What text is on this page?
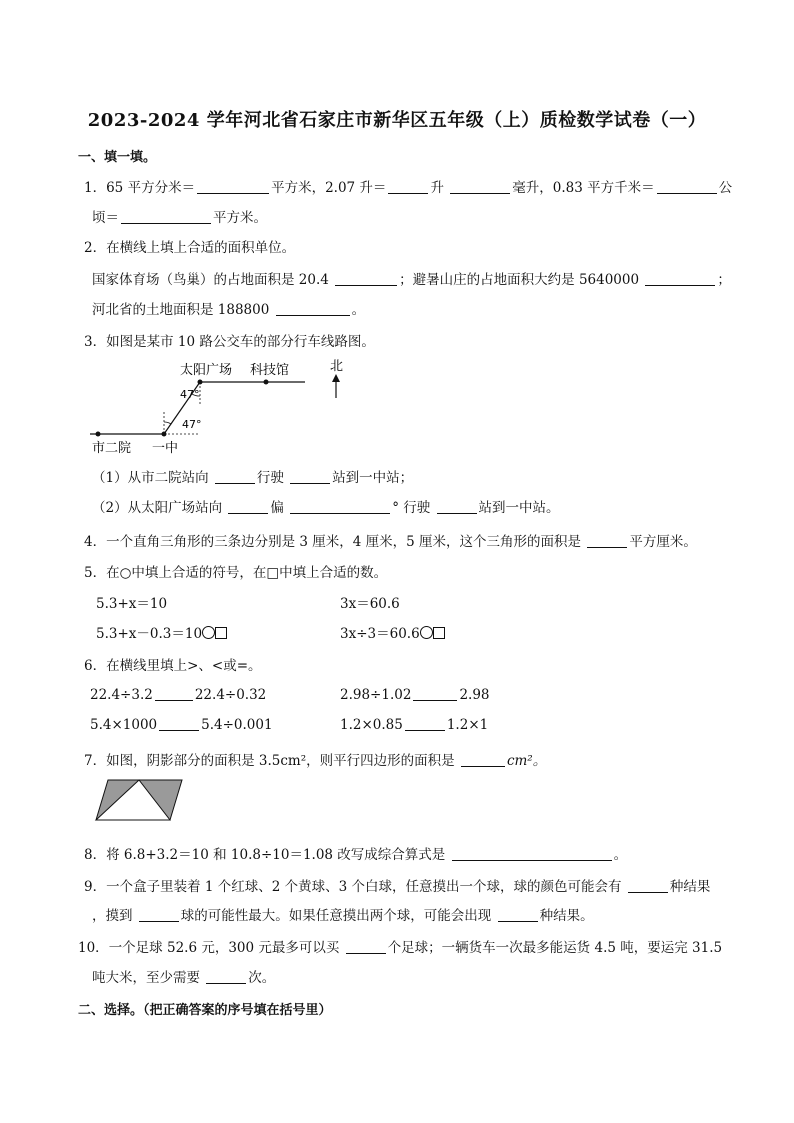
2023-2024 学年河北省石家庄市新华区五年级（上）质检数学试卷（一）
一、填一填。
1．65 平方分米＝	平方米，2.07 升＝	升	毫升，0.83 平方千米＝	公
顷＝	平方米。
2．在横线上填上合适的面积单位。
国家体育场（鸟巢）的占地面积是 20.4	；避暑山庄的占地面积大约是 5640000	；
河北省的土地面积是 188800	。
3．如图是某市 10 路公交车的部分行车线路图。
太阳广场 科技馆
47°
47°
市二院 一中
北
（1）从市二院站向	行驶	站到一中站；
（2）从太阳广场站向	偏	° 行驶	站到一中站。
4．一个直角三角形的三条边分别是 3 厘米，4 厘米，5 厘米，这个三角形的面积是	平方厘米。
5．在○中填上合适的符号，在□中填上合适的数。
5.3+x＝10	3x＝60.6
5.3+x－0.3＝10	3x÷3＝60.6
6．在横线里填上>、<或=。
22.4÷3.2	22.4÷0.32	2.98÷1.02	2.98
5.4×1000	5.4÷0.001	1.2×0.85	1.2×1
7．如图，阴影部分的面积是 3.5cm²，则平行四边形的面积是	cm²。
8．将 6.8+3.2＝10 和 10.8÷10＝1.08 改写成综合算式是	。
9．一个盒子里装着 1 个红球、2 个黄球、3 个白球，任意摸出一个球，球的颜色可能会有	种结果
，摸到	球的可能性最大。如果任意摸出两个球，可能会出现	种结果。
10．一个足球 52.6 元，300 元最多可以买	个足球；一辆货车一次最多能运货 4.5 吨，要运完 31.5
吨大米，至少需要	次。
二、选择。（把正确答案的序号填在括号里）
